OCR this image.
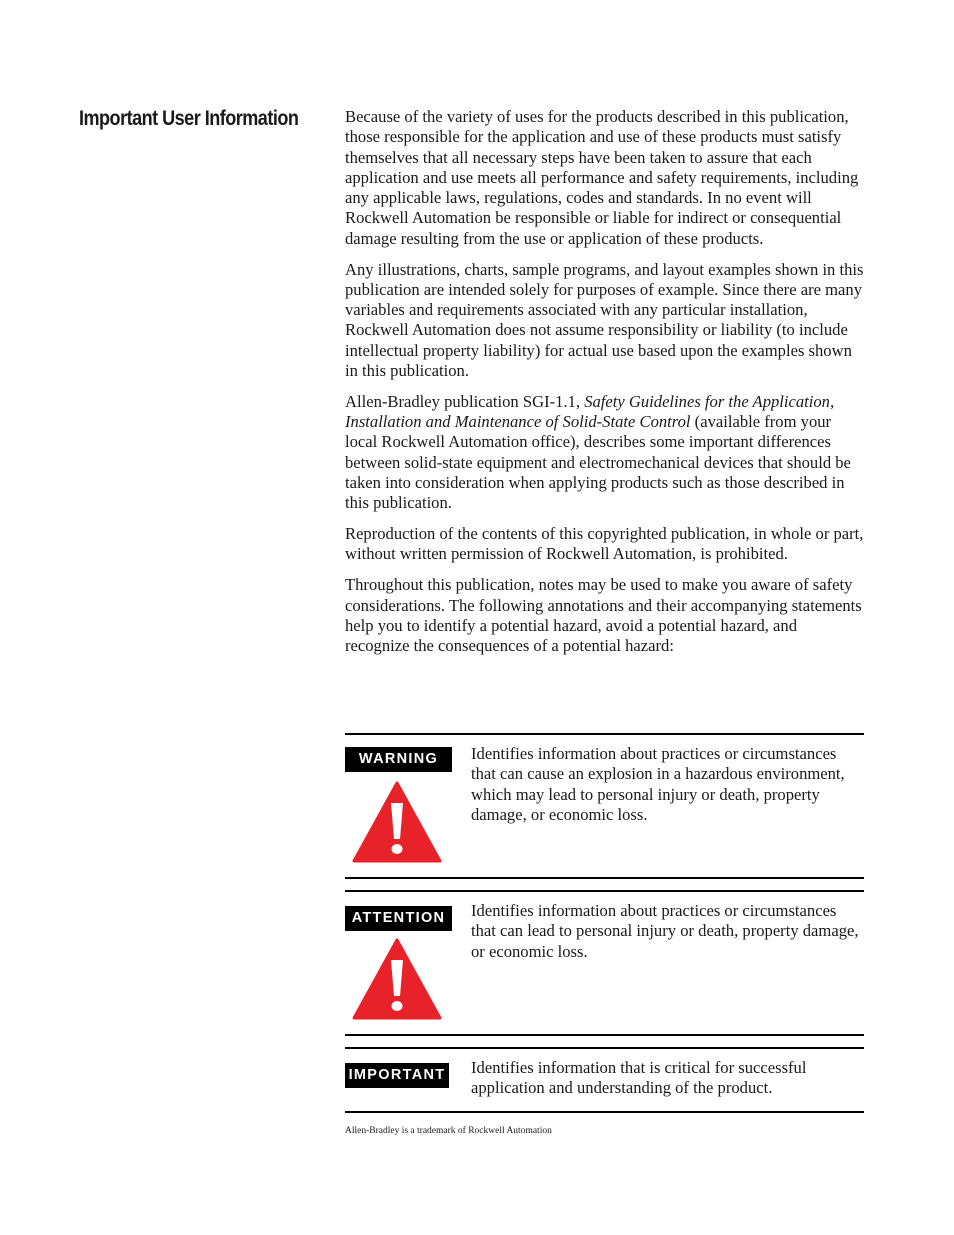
Important User Information	Because of the variety of uses for the products described in this publication, those responsible for the application and use of these products must satisfy themselves that all necessary steps have been taken to assure that each application and use meets all performance and safety requirements, including any applicable laws, regulations, codes and standards. In no event will Rockwell Automation be responsible or liable for indirect or consequential damage resulting from the use or application of these products.

Any illustrations, charts, sample programs, and layout examples shown in this publication are intended solely for purposes of example. Since there are many variables and requirements associated with any particular installation, Rockwell Automation does not assume responsibility or liability (to include intellectual property liability) for actual use based upon the examples shown in this publication.

Allen-Bradley publication SGI-1.1, Safety Guidelines for the Application, Installation and Maintenance of Solid-State Control (available from your local Rockwell Automation office), describes some important differences between solid-state equipment and electromechanical devices that should be taken into consideration when applying products such as those described in this publication.

Reproduction of the contents of this copyrighted publication, in whole or part, without written permission of Rockwell Automation, is prohibited.

Throughout this publication, notes may be used to make you aware of safety considerations. The following annotations and their accompanying statements help you to identify a potential hazard, avoid a potential hazard, and recognize the consequences of a potential hazard:

WARNING	Identifies information about practices or circumstances that can cause an explosion in a hazardous environment, which may lead to personal injury or death, property damage, or economic loss.
ATTENTION	Identifies information about practices or circumstances that can lead to personal injury or death, property damage, or economic loss.
IMPORTANT Identifies information that is critical for successful application and understanding of the product.
Allen-Bradley is a trademark of Rockwell Automation
